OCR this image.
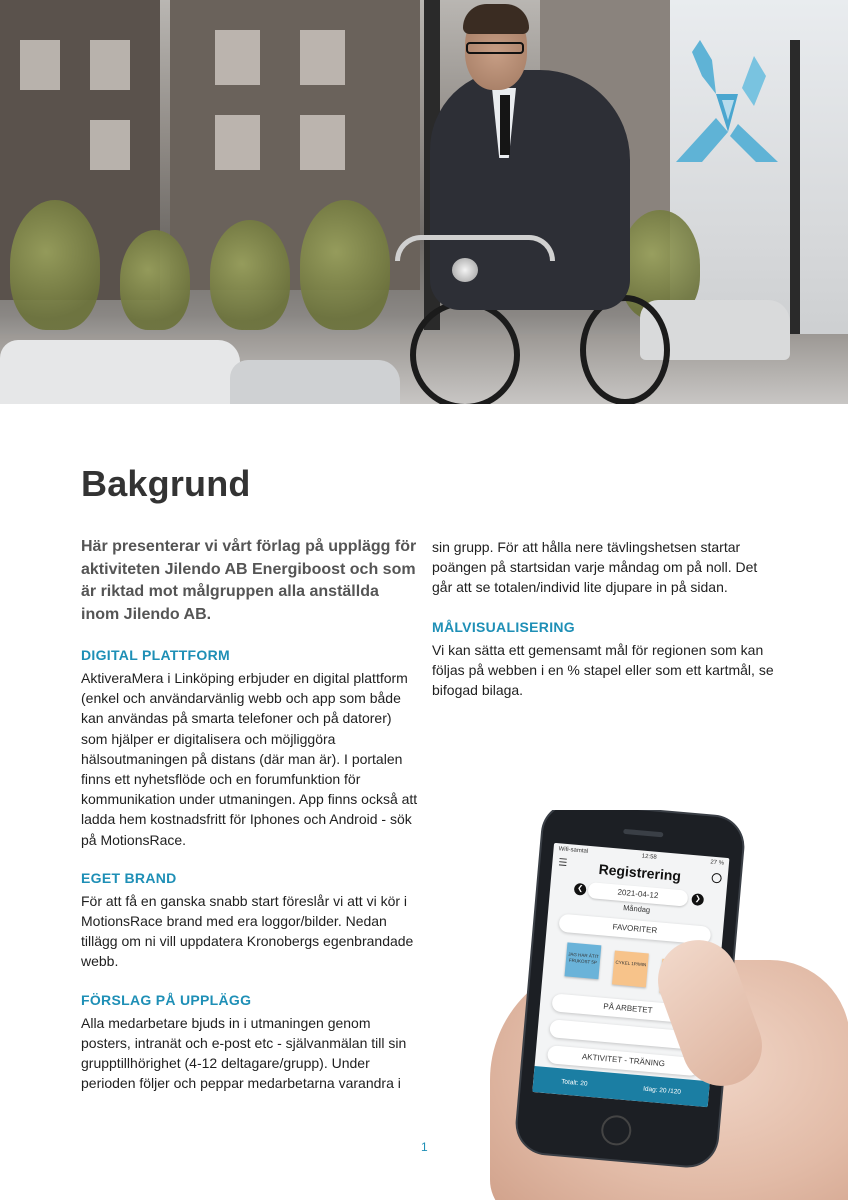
Bakgrund

Här presenterar vi vårt förlag på upplägg för aktiviteten Jilendo AB Energiboost och som är riktad mot målgruppen alla anställda inom Jilendo AB.

DIGITAL PLATTFORM

AktiveraMera i Linköping erbjuder en digital plattform (enkel och användarvänlig webb och app som både kan användas på smarta telefoner och på datorer) som hjälper er digitalisera och möjliggöra hälsoutmaningen på distans (där man är). I portalen finns ett nyhetsflöde och en forumfunktion för kommunikation under utmaningen. App finns också att ladda hem kostnadsfritt för Iphones och Android - sök på MotionsRace.

EGET BRAND

För att få en ganska snabb start föreslår vi att vi kör i MotionsRace brand med era loggor/bilder. Nedan tillägg om ni vill uppdatera Kronobergs egenbrandade webb.

FÖRSLAG PÅ UPPLÄGG

Alla medarbetare bjuds in i utmaningen genom posters, intranät och e-post etc - självanmälan till sin grupptillhörighet (4-12 deltagare/grupp). Under perioden följer och peppar medarbetarna varandra i

sin grupp. För att hålla nere tävlingshetsen startar poängen på startsidan varje måndag om på noll. Det går att se totalen/individ lite djupare in på sidan.

MÅLVISUALISERING

Vi kan sätta ett gemensamt mål för regionen som kan följas på webben i en % stapel eller som ett kartmål, se bifogad bilaga.

Wifi-samtal
12:58
27 %
☰	Registrering
❮	2021-04-12	❯
Måndag
FAVORITER
JAG HAR ÄTIT FRUKOST 5P	CYKEL 1P/MIN
PÅ ARBETET
AKTIVITET - TRÄNING
Totalt: 20
Idag: 20 /120
1
